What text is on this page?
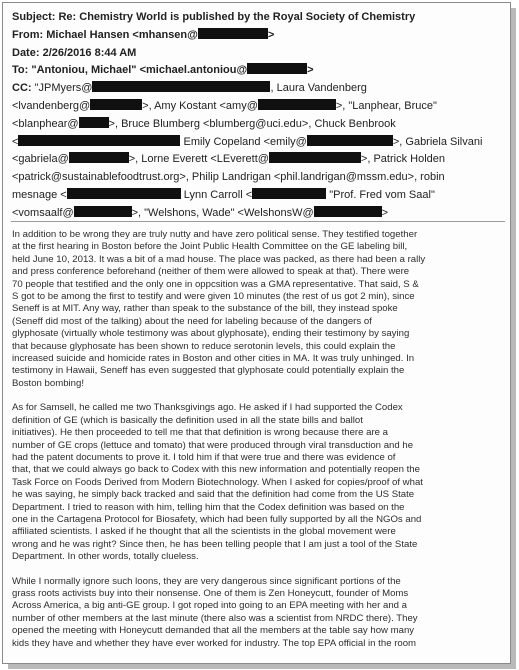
Subject: Re: Chemistry World is published by the Royal Society of Chemistry
From: Michael Hansen <mhansen@	>
Date: 2/26/2016 8:44 AM
To: "Antoniou, Michael" <michael.antoniou@	>
CC: "JPMyers@	, Laura Vandenberg
<lvandenberg@	>, Amy Kostant <amy@	>, "Lanphear, Bruce"
<blanphear@	>, Bruce Blumberg <blumberg@uci.edu>, Chuck Benbrook
<	Emily Copeland <emily@	>, Gabriela Silvani
<gabriela@	>, Lorne Everett <LEverett@	>, Patrick Holden
<patrick@sustainablefoodtrust.org>, Philip Landrigan <phil.landrigan@mssm.edu>, robin
mesnage <	Lynn Carroll <	"Prof. Fred vom Saal"
<vomsaalf@	>, "Welshons, Wade" <WelshonsW@	>

In addition to be wrong they are truly nutty and have zero political sense. They testified together
at the first hearing in Boston before the Joint Public Health Committee on the GE labeling bill,
held June 10, 2013. It was a bit of a mad house. The place was packed, as there had been a rally
and press conference beforehand (neither of them were allowed to speak at that). There were
70 people that testified and the only one in oppcsition was a GMA representative. That said, S &
S got to be among the first to testify and were given 10 minutes (the rest of us got 2 min), since
Seneff is at MIT. Any way, rather than speak to the substance of the bill, they instead spoke
(Seneff did most of the talking) about the need for labeling because of the dangers of
glyphosate (virtually whole testimony was about glyphosate), ending their testimony by saying
that because glyphosate has been shown to reduce serotonin levels, this could explain the
increased suicide and homicide rates in Boston and other cities in MA. It was truly unhinged. In
testimony in Hawaii, Seneff has even suggested that glyphosate could potentially explain the
Boston bombing!

As for Samsell, he called me two Thanksgivings ago. He asked if I had supported the Codex
definition of GE (which is basically the definition used in all the state bills and ballot
initiatives). He then proceeded to tell me that that definition is wrong because there are a
number of GE crops (lettuce and tomato) that were produced through viral transduction and he
had the patent documents to prove it. I told him if that were true and there was evidence of
that, that we could always go back to Codex with this new information and potentially reopen the
Task Force on Foods Derived from Modern Biotechnology. When I asked for copies/proof of what
he was saying, he simply back tracked and said that the definition had come from the US State
Department. I tried to reason with him, telling him that the Codex definition was based on the
one in the Cartagena Protocol for Biosafety, which had been fully supported by all the NGOs and
affiliated scientists. I asked if he thought that all the scientists in the global movement were
wrong and he was right? Since then, he has been telling people that I am just a tool of the State
Department. In other words, totally clueless.

While I normally ignore such loons, they are very dangerous since significant portions of the
grass roots activists buy into their nonsense. One of them is Zen Honeycutt, founder of Moms
Across America, a big anti-GE group. I got roped into going to an EPA meeting with her and a
number of other members at the last minute (there also was a scientist from NRDC there). They
opened the meeting with Honeycutt demanded that all the members at the table say how many
kids they have and whether they have ever worked for industry. The top EPA official in the room
